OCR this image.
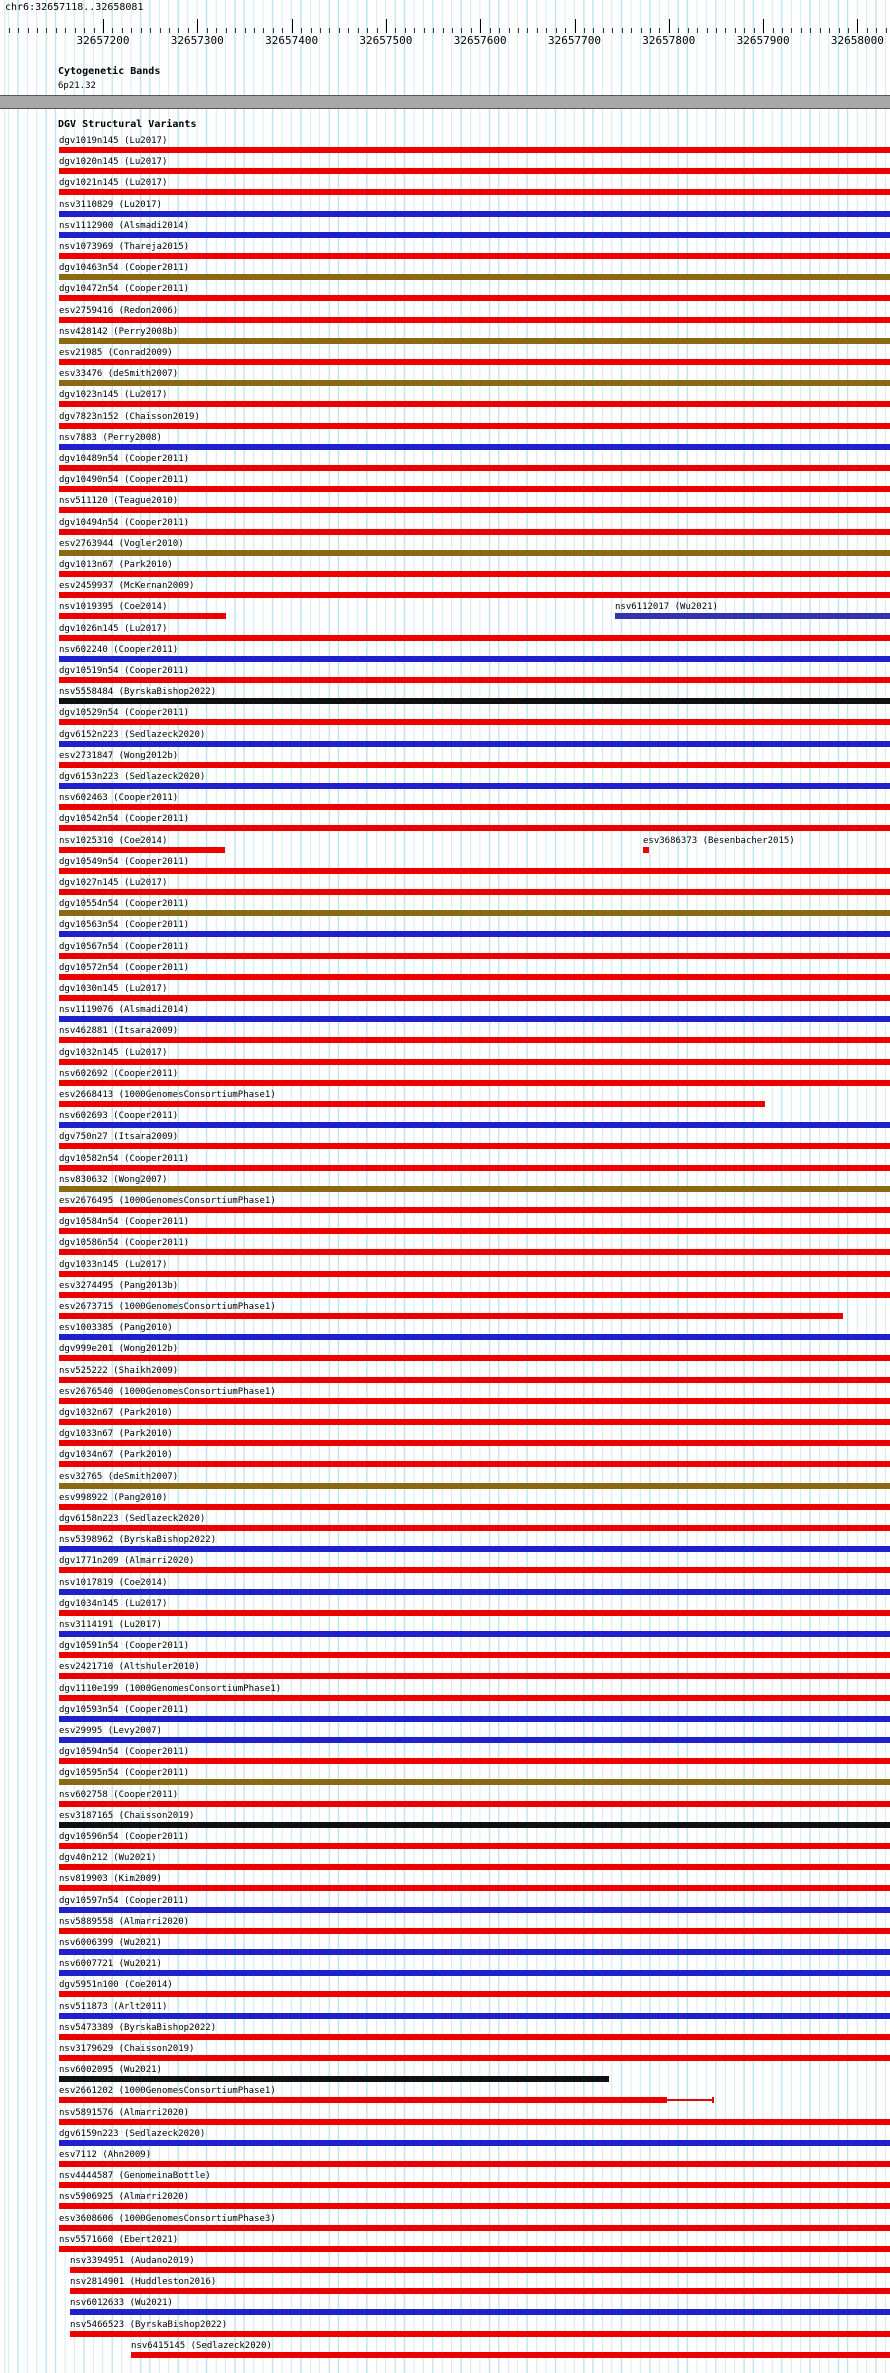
chr6:32657118..32658081
32657200	32657300	32657400	32657500	32657600	32657700	32657800	32657900	32658000
Cytogenetic Bands
6p21.32
DGV Structural Variants
dgv1019n145 (Lu2017)
dgv1020n145 (Lu2017)
dgv1021n145 (Lu2017)
nsv3110829 (Lu2017)
nsv1112900 (Alsmadi2014)
nsv1073969 (Thareja2015)
dgv10463n54 (Cooper2011)
dgv10472n54 (Cooper2011)
esv2759416 (Redon2006)
nsv428142 (Perry2008b)
esv21985 (Conrad2009)
esv33476 (deSmith2007)
dgv1023n145 (Lu2017)
dgv7823n152 (Chaisson2019)
nsv7883 (Perry2008)
dgv10489n54 (Cooper2011)
dgv10490n54 (Cooper2011)
nsv511120 (Teague2010)
dgv10494n54 (Cooper2011)
esv2763944 (Vogler2010)
dgv1013n67 (Park2010)
esv2459937 (McKernan2009)
nsv1019395 (Coe2014)	nsv6112017 (Wu2021)
dgv1026n145 (Lu2017)
nsv602240 (Cooper2011)
dgv10519n54 (Cooper2011)
nsv5558484 (ByrskaBishop2022)
dgv10529n54 (Cooper2011)
dgv6152n223 (Sedlazeck2020)
esv2731847 (Wong2012b)
dgv6153n223 (Sedlazeck2020)
nsv602463 (Cooper2011)
dgv10542n54 (Cooper2011)
nsv1025310 (Coe2014)	esv3686373 (Besenbacher2015)
dgv10549n54 (Cooper2011)
dgv1027n145 (Lu2017)
dgv10554n54 (Cooper2011)
dgv10563n54 (Cooper2011)
dgv10567n54 (Cooper2011)
dgv10572n54 (Cooper2011)
dgv1030n145 (Lu2017)
nsv1119076 (Alsmadi2014)
nsv462881 (Itsara2009)
dgv1032n145 (Lu2017)
nsv602692 (Cooper2011)
esv2668413 (1000GenomesConsortiumPhase1)
nsv602693 (Cooper2011)
dgv750n27 (Itsara2009)
dgv10582n54 (Cooper2011)
nsv830632 (Wong2007)
esv2676495 (1000GenomesConsortiumPhase1)
dgv10584n54 (Cooper2011)
dgv10586n54 (Cooper2011)
dgv1033n145 (Lu2017)
esv3274495 (Pang2013b)
esv2673715 (1000GenomesConsortiumPhase1)
esv1003385 (Pang2010)
dgv999e201 (Wong2012b)
nsv525222 (Shaikh2009)
esv2676540 (1000GenomesConsortiumPhase1)
dgv1032n67 (Park2010)
dgv1033n67 (Park2010)
dgv1034n67 (Park2010)
esv32765 (deSmith2007)
esv998922 (Pang2010)
dgv6158n223 (Sedlazeck2020)
nsv5398962 (ByrskaBishop2022)
dgv1771n209 (Almarri2020)
nsv1017819 (Coe2014)
dgv1034n145 (Lu2017)
nsv3114191 (Lu2017)
dgv10591n54 (Cooper2011)
esv2421710 (Altshuler2010)
dgv1110e199 (1000GenomesConsortiumPhase1)
dgv10593n54 (Cooper2011)
esv29995 (Levy2007)
dgv10594n54 (Cooper2011)
dgv10595n54 (Cooper2011)
nsv602758 (Cooper2011)
esv3187165 (Chaisson2019)
dgv10596n54 (Cooper2011)
dgv40n212 (Wu2021)
nsv819903 (Kim2009)
dgv10597n54 (Cooper2011)
nsv5889558 (Almarri2020)
nsv6006399 (Wu2021)
nsv6007721 (Wu2021)
dgv5951n100 (Coe2014)
nsv511873 (Arlt2011)
nsv5473389 (ByrskaBishop2022)
nsv3179629 (Chaisson2019)
nsv6002095 (Wu2021)
esv2661202 (1000GenomesConsortiumPhase1)
nsv5891576 (Almarri2020)
dgv6159n223 (Sedlazeck2020)
esv7112 (Ahn2009)
nsv4444587 (GenomeinaBottle)
nsv5906925 (Almarri2020)
esv3608606 (1000GenomesConsortiumPhase3)
nsv5571660 (Ebert2021)
nsv3394951 (Audano2019)
nsv2814901 (Huddleston2016)
nsv6012633 (Wu2021)
nsv5466523 (ByrskaBishop2022)
nsv6415145 (Sedlazeck2020)
